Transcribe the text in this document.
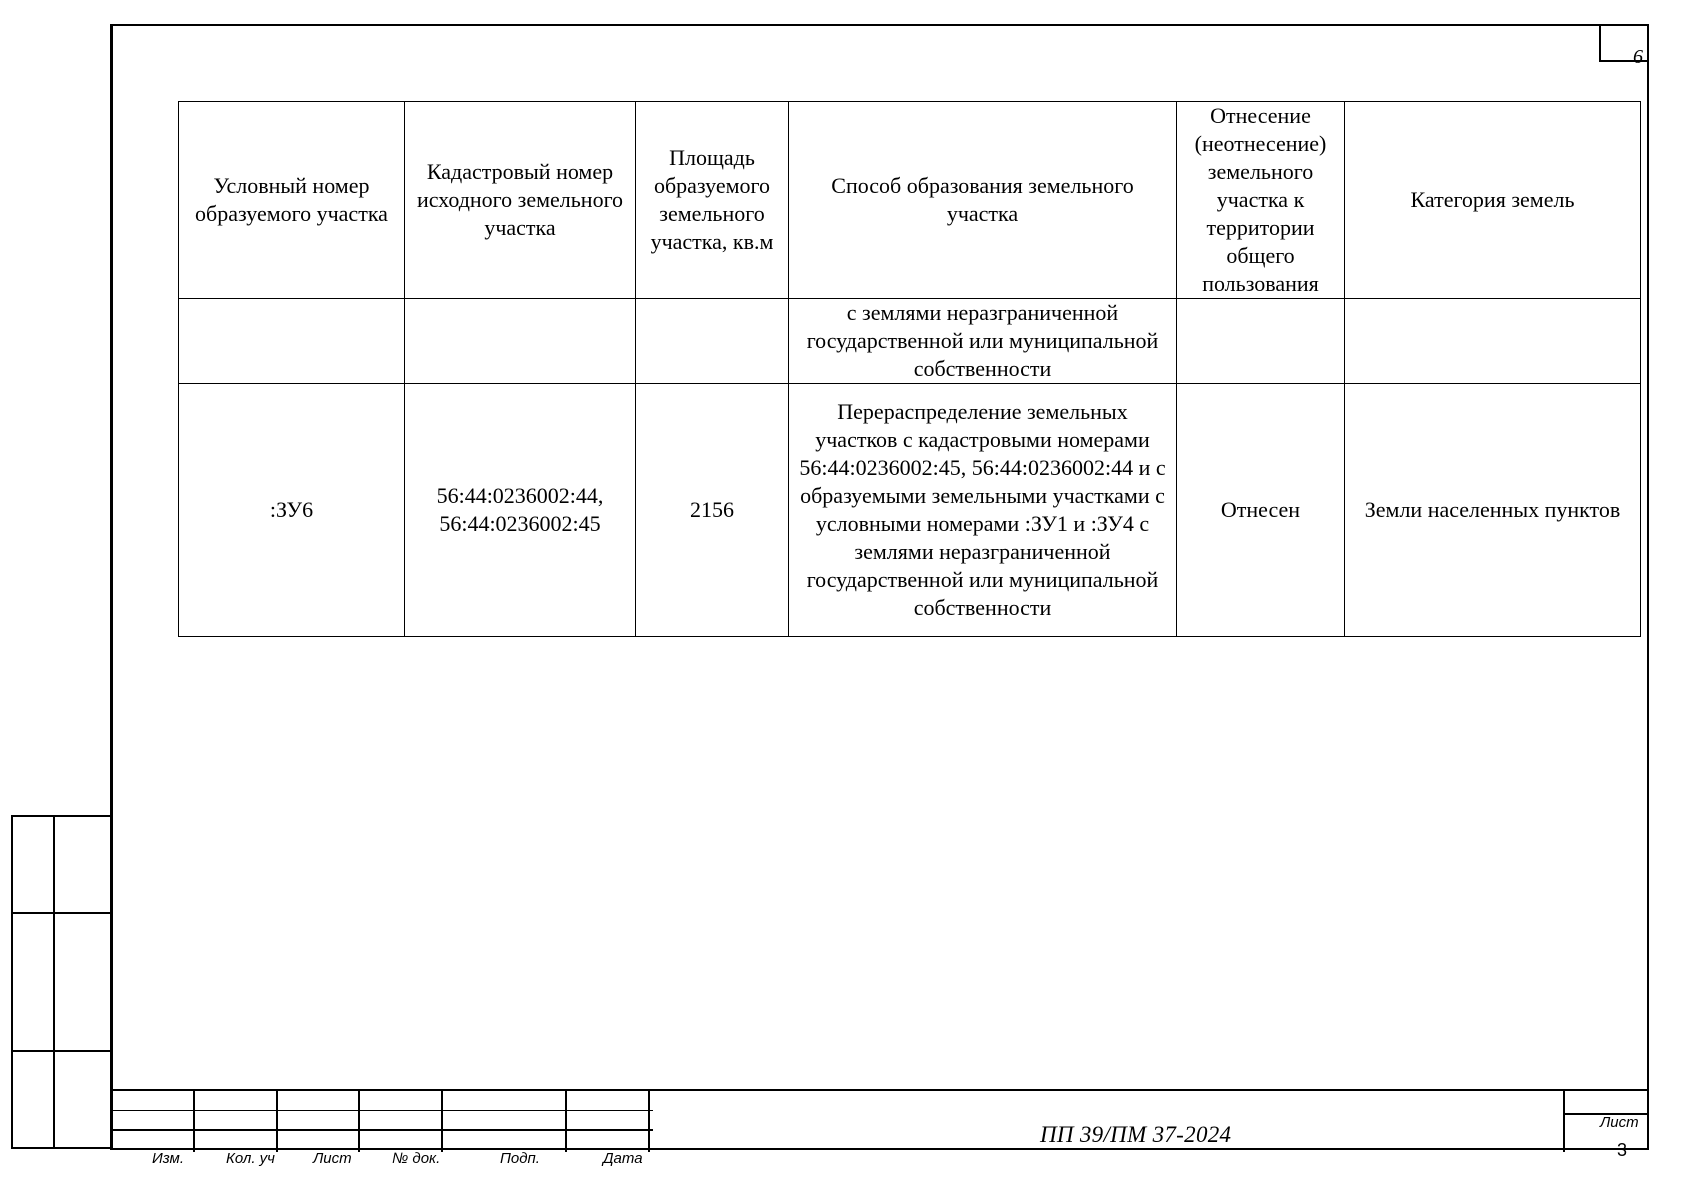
6
Условный номер образуемого участка	Кадастровый номер исходного земельного участка	Площадь образуемого земельного участка, кв.м	Способ образования земельного участка	Отнесение (неотнесение) земельного участка к территории общего пользования	Категория земель
			с землями неразграниченной государственной или муниципальной собственности		
:ЗУ6	56:44:0236002:44, 56:44:0236002:45	2156	Перераспределение земельных участков с кадастровыми номерами 56:44:0236002:45, 56:44:0236002:44 и с образуемыми земельными участками с условными номерами :ЗУ1 и :ЗУ4 с землями неразграниченной государственной или муниципальной собственности	Отнесен	Земли населенных пунктов
Изм.	Кол. уч	Лист	№ док.	Подп.	Дата
ПП 39/ПМ 37-2024	Лист
3
